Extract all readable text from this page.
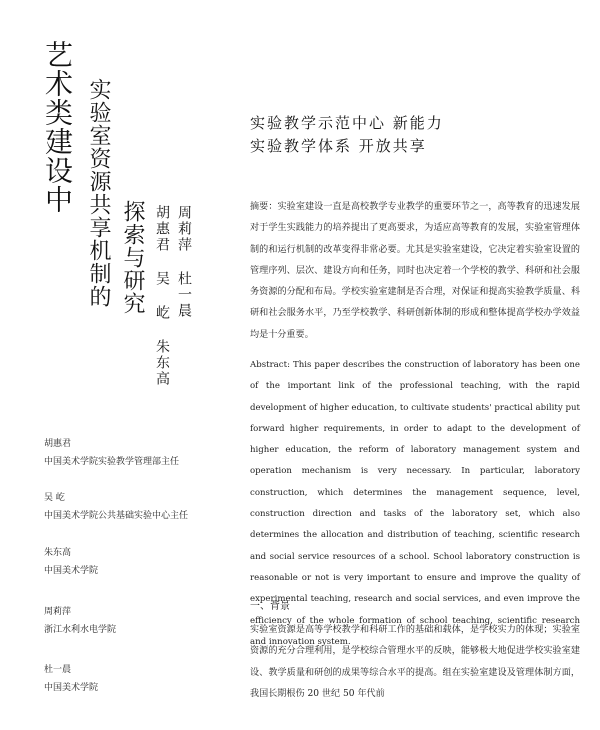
艺术类建设中 实验室资源共享机制的 探索与研究 周莉萍 杜一晨
胡惠君 吴 屹 朱东高
胡惠君
中国美术学院实验教学管理部主任
吴 屹
中国美术学院公共基础实验中心主任
朱东高
中国美术学院
周莉萍
浙江水利水电学院
杜一晨
中国美术学院
实验教学示范中心 新能力
实验教学体系 开放共享

摘要：实验室建设一直是高校教学专业教学的重要环节之一，高等教育的迅速发展对于学生实践能力的培养提出了更高要求，为适应高等教育的发展，实验室管理体制的和运行机制的改革变得非常必要。尤其是实验室建设，它决定着实验室设置的管理序列、层次、建设方向和任务，同时也决定着一个学校的教学、科研和社会服务资源的分配和布局。学校实验室建制是否合理，对保证和提高实验教学质量、科研和社会服务水平，乃至学校教学、科研创新体制的形成和整体提高学校办学效益均是十分重要。

Abstract: This paper describes the construction of laboratory has been one of the important link of the professional teaching, with the rapid development of higher education, to cultivate students' practical ability put forward higher requirements, in order to adapt to the development of higher education, the reform of laboratory management system and operation mechanism is very necessary. In particular, laboratory construction, which determines the management sequence, level, construction direction and tasks of the laboratory set, which also determines the allocation and distribution of teaching, scientific research and social service resources of a school. School laboratory construction is reasonable or not is very important to ensure and improve the quality of experimental teaching, research and social services, and even improve the efficiency of the whole formation of school teaching, scientific research and innovation system.

一、背景

实验室资源是高等学校教学和科研工作的基础和载体，是学校实力的体现；实验室资源的充分合理利用，是学校综合管理水平的反映，能够极大地促进学校实验室建设、教学质量和研创的成果等综合水平的提高。组在实验室建设及管理体制方面，我国长期根伤 20 世纪 50 年代前
